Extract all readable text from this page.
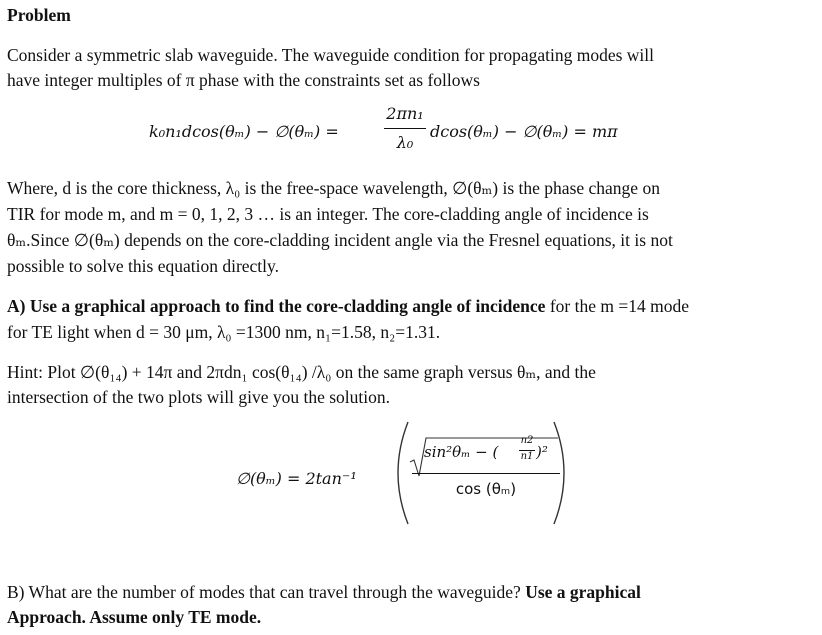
Problem
Consider a symmetric slab waveguide. The waveguide condition for propagating modes will
have integer multiples of π phase with the constraints set as follows
k₀n₁dcos(θₘ) − ∅(θₘ) =
2πn₁
λ₀
dcos(θₘ) − ∅(θₘ) = mπ
Where, d is the core thickness, λ₀ is the free-space wavelength, ∅(θₘ) is the phase change on
TIR for mode m, and m = 0, 1, 2, 3 … is an integer. The core-cladding angle of incidence is
θₘ.Since ∅(θₘ) depends on the core-cladding incident angle via the Fresnel equations, it is not
possible to solve this equation directly.
A) Use a graphical approach to find the core-cladding angle of incidence for the m =14 mode
for TE light when d = 30 μm, λ₀ =1300 nm, n₁=1.58, n₂=1.31.
Hint: Plot ∅(θ₁₄) + 14π and 2πdn₁ cos(θ₁₄) /λ₀ on the same graph versus θₘ, and the
intersection of the two plots will give you the solution.
∅(θₘ) = 2tan⁻¹
sin²θₘ − (
n2
n1 )²
cos (θₘ)
B) What are the number of modes that can travel through the waveguide? Use a graphical
Approach. Assume only TE mode.
